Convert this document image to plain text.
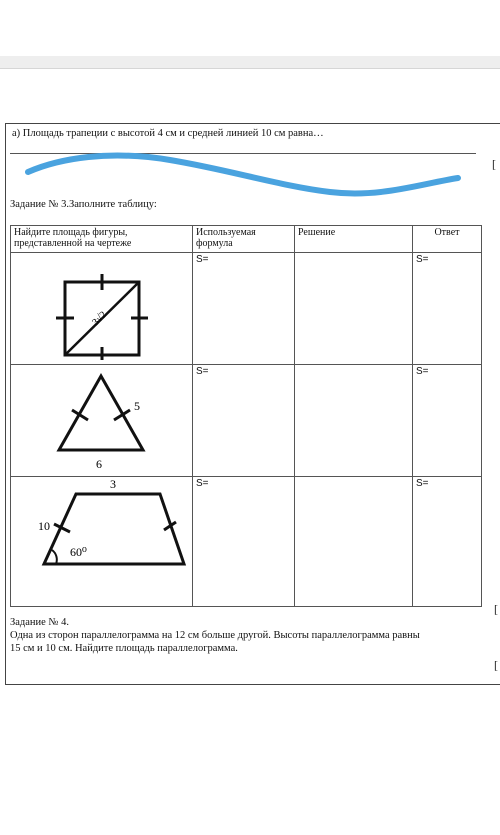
а) Площадь трапеции с высотой 4 см и средней линией 10 см равна…
[
Задание № 3.Заполните таблицу:
Найдите площадь фигуры, представленной на чертеже	Используемая формула	Решение	Ответ

3√2	S=		S=

5
6	S=		S=

3
10
60⁰	S=		S=
[
Задание № 4.
Одна из сторон параллелограмма на 12 см больше другой. Высоты параллелограмма равны
15 см и 10 см. Найдите площадь параллелограмма.
[
